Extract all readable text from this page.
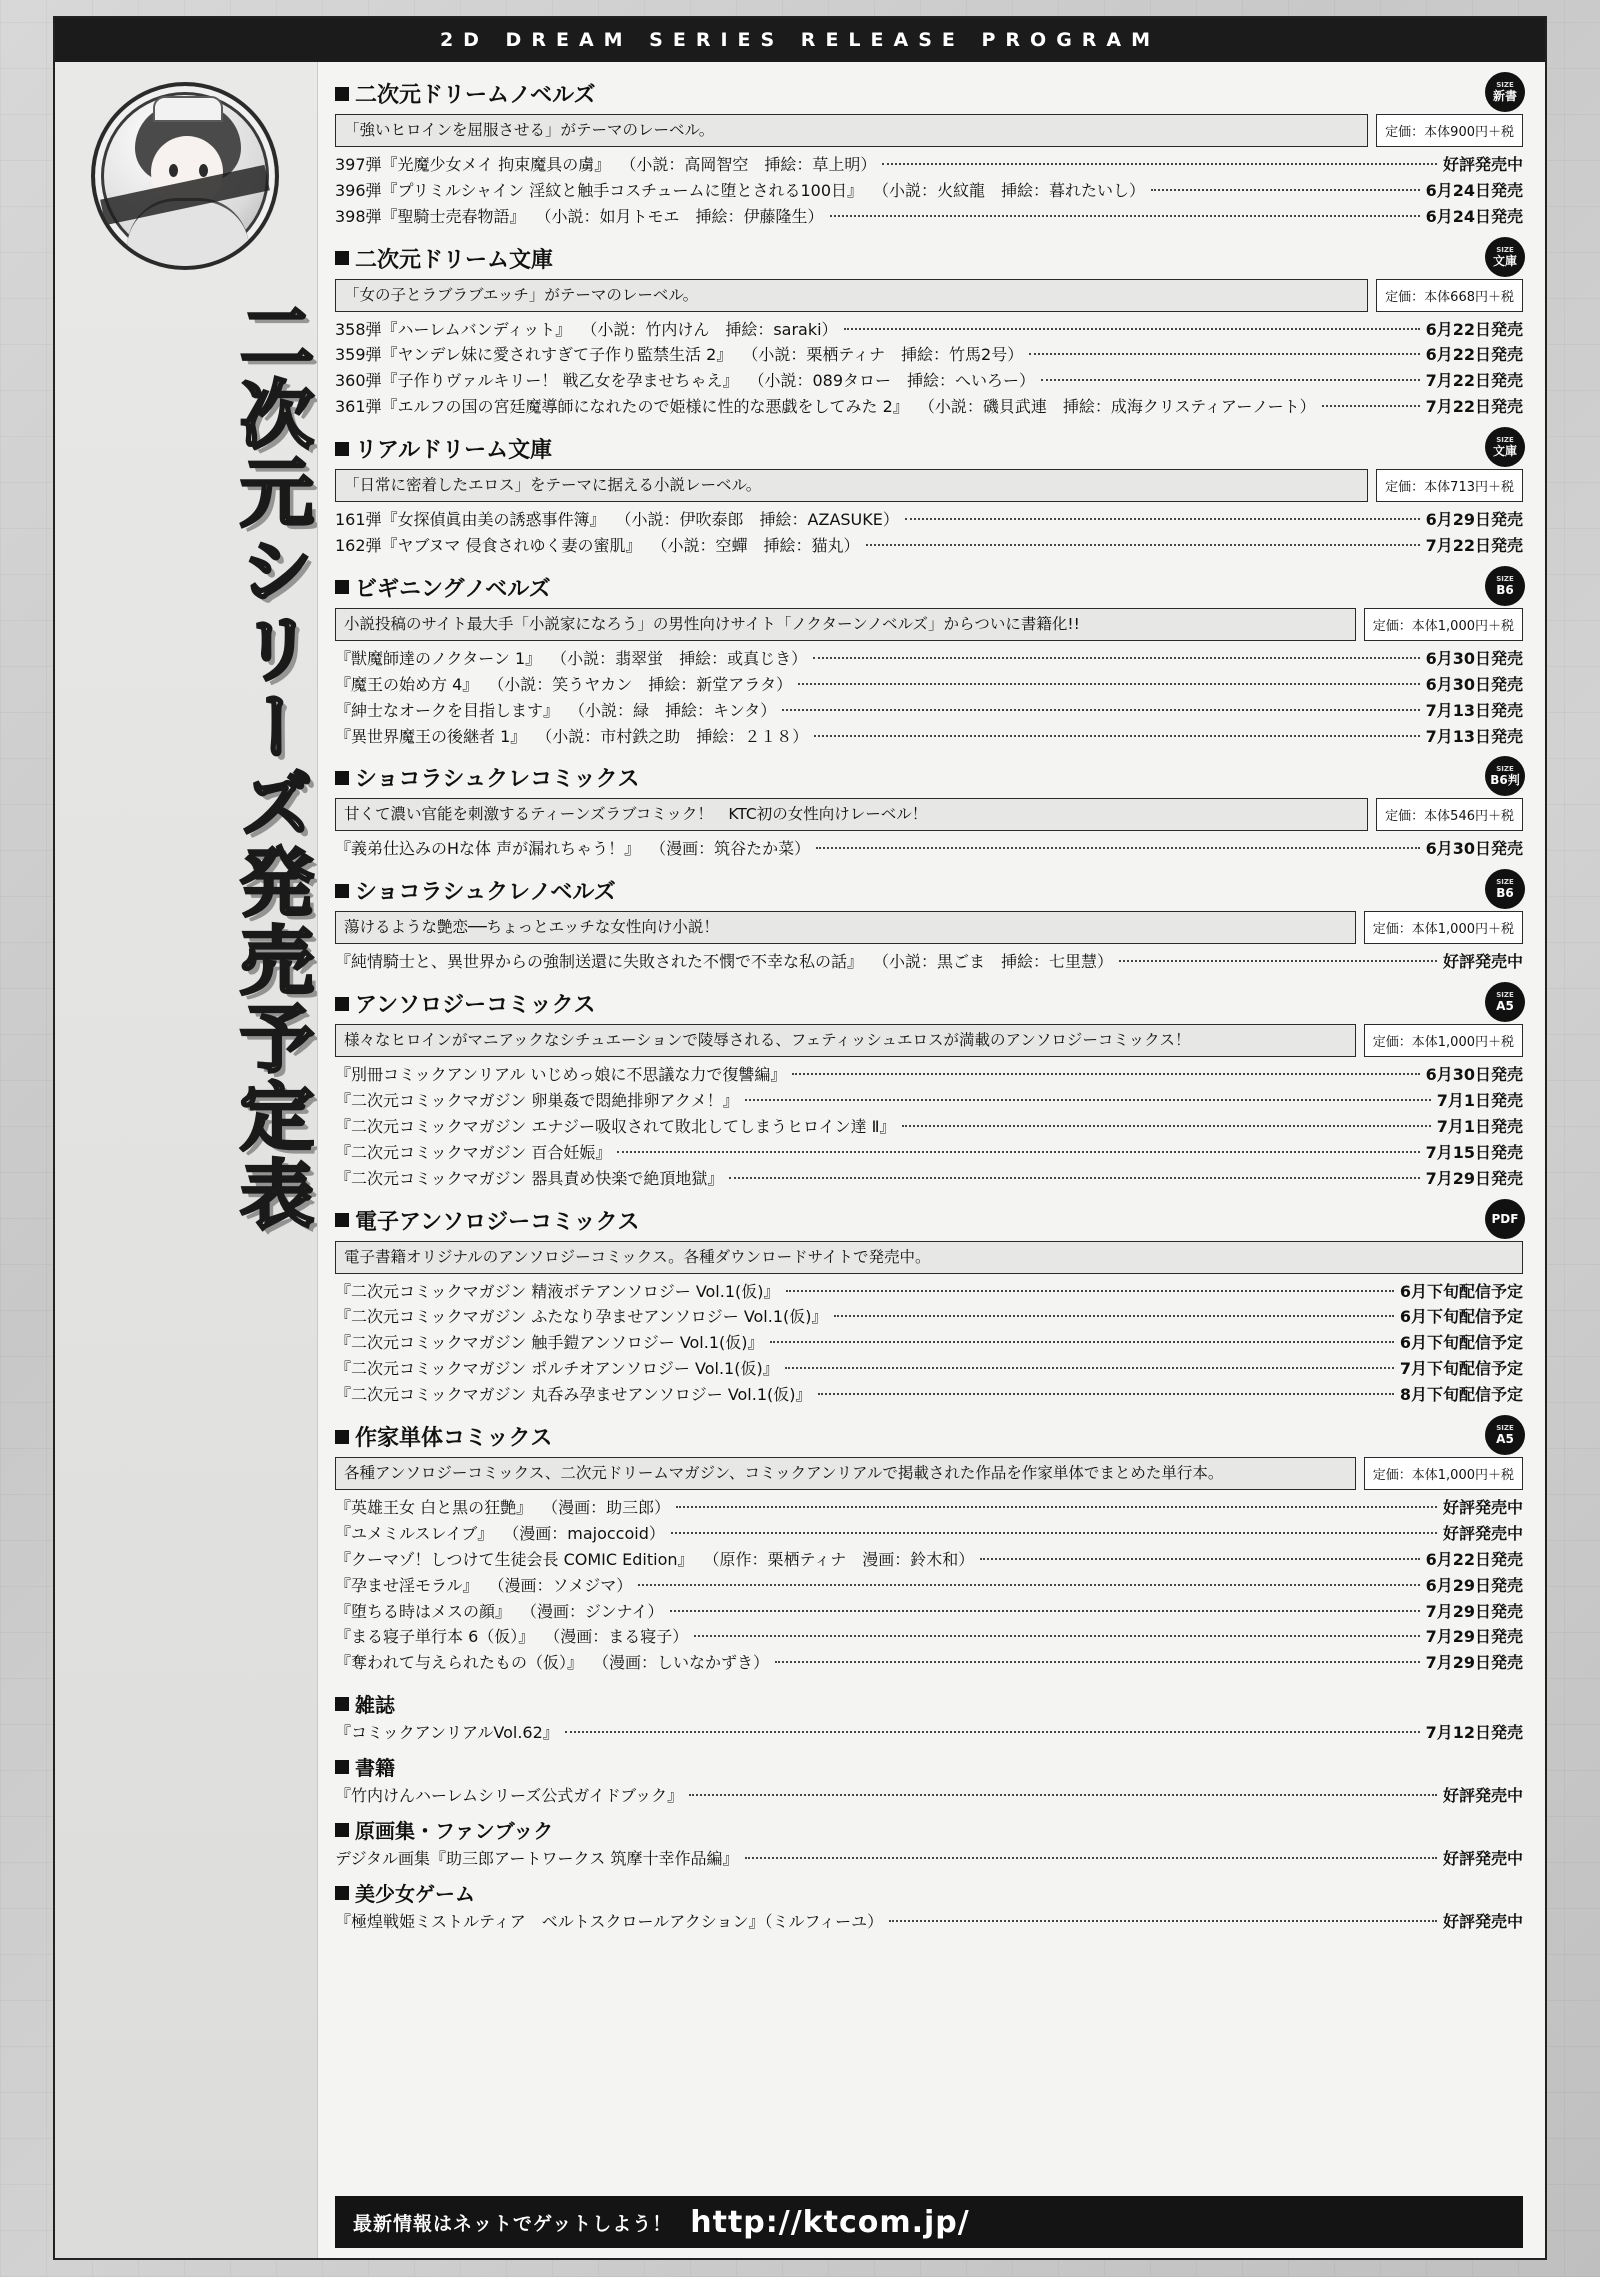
2D DREAM SERIES RELEASE PROGRAM
二次元シリーズ発売予定表
二次元ドリームノベルズ	SIZE
新書
「強いヒロインを屈服させる」がテーマのレーベル。	定価：本体900円＋税
397弾『光魔少女メイ 拘束魔具の虜』 （小説：高岡智空　挿絵：草上明）	好評発売中
396弾『プリミルシャイン 淫紋と触手コスチュームに堕とされる100日』 （小説：火紋龍　挿絵：暮れたいし）	6月24日発売
398弾『聖騎士売春物語』 （小説：如月トモエ　挿絵：伊藤隆生）	6月24日発売
二次元ドリーム文庫	SIZE
文庫
「女の子とラブラブエッチ」がテーマのレーベル。	定価：本体668円＋税
358弾『ハーレムバンディット』 （小説：竹内けん　挿絵：saraki）	6月22日発売
359弾『ヤンデレ妹に愛されすぎて子作り監禁生活 2』 （小説：栗栖ティナ　挿絵：竹馬2号）	6月22日発売
360弾『子作りヴァルキリー！ 戦乙女を孕ませちゃえ』 （小説：089タロー　挿絵：へいろー）	7月22日発売
361弾『エルフの国の宮廷魔導師になれたので姫様に性的な悪戯をしてみた 2』 （小説：磯貝武連　挿絵：成海クリスティアーノート）	7月22日発売
リアルドリーム文庫	SIZE
文庫
「日常に密着したエロス」をテーマに据える小説レーベル。	定価：本体713円＋税
161弾『女探偵眞由美の誘惑事件簿』 （小説：伊吹泰郎　挿絵：AZASUKE）	6月29日発売
162弾『ヤブヌマ 侵食されゆく妻の蜜肌』 （小説：空蟬　挿絵：猫丸）	7月22日発売
ビギニングノベルズ	SIZE
B6
小説投稿のサイト最大手「小説家になろう」の男性向けサイト「ノクターンノベルズ」からついに書籍化!!	定価：本体1,000円＋税
『獣魔師達のノクターン 1』 （小説：翡翠蛍　挿絵：或真じき）	6月30日発売
『魔王の始め方 4』 （小説：笑うヤカン　挿絵：新堂アラタ）	6月30日発売
『紳士なオークを目指します』 （小説：緑　挿絵：キンタ）	7月13日発売
『異世界魔王の後継者 1』 （小説：市村鉄之助　挿絵：２１８）	7月13日発売
ショコラシュクレコミックス	SIZE
B6判
甘くて濃い官能を刺激するティーンズラブコミック！　KTC初の女性向けレーベル！	定価：本体546円＋税
『義弟仕込みのHな体 声が漏れちゃう！』 （漫画：筑谷たか菜）	6月30日発売
ショコラシュクレノベルズ	SIZE
B6
蕩けるような艶恋──ちょっとエッチな女性向け小説！	定価：本体1,000円＋税
『純情騎士と、異世界からの強制送還に失敗された不憫で不幸な私の話』 （小説：黒ごま　挿絵：七里慧）	好評発売中
アンソロジーコミックス	SIZE
A5
様々なヒロインがマニアックなシチュエーションで陵辱される、フェティッシュエロスが満載のアンソロジーコミックス！	定価：本体1,000円＋税
『別冊コミックアンリアル いじめっ娘に不思議な力で復讐編』	6月30日発売
『二次元コミックマガジン 卵巣姦で悶絶排卵アクメ！』	7月1日発売
『二次元コミックマガジン エナジー吸収されて敗北してしまうヒロイン達 Ⅱ』	7月1日発売
『二次元コミックマガジン 百合妊娠』	7月15日発売
『二次元コミックマガジン 器具責め快楽で絶頂地獄』	7月29日発売
電子アンソロジーコミックス	PDF
電子書籍オリジナルのアンソロジーコミックス。各種ダウンロードサイトで発売中。
『二次元コミックマガジン 精液ボテアンソロジー Vol.1(仮)』	6月下旬配信予定
『二次元コミックマガジン ふたなり孕ませアンソロジー Vol.1(仮)』	6月下旬配信予定
『二次元コミックマガジン 触手鎧アンソロジー Vol.1(仮)』	6月下旬配信予定
『二次元コミックマガジン ポルチオアンソロジー Vol.1(仮)』	7月下旬配信予定
『二次元コミックマガジン 丸呑み孕ませアンソロジー Vol.1(仮)』	8月下旬配信予定
作家単体コミックス	SIZE
A5
各種アンソロジーコミックス、二次元ドリームマガジン、コミックアンリアルで掲載された作品を作家単体でまとめた単行本。	定価：本体1,000円＋税
『英雄王女 白と黒の狂艶』 （漫画：助三郎）	好評発売中
『ユメミルスレイブ』 （漫画：majoccoid）	好評発売中
『クーマゾ！しつけて生徒会長 COMIC Edition』 （原作：栗栖ティナ　漫画：鈴木和）	6月22日発売
『孕ませ淫モラル』 （漫画：ソメジマ）	6月29日発売
『堕ちる時はメスの顔』 （漫画：ジンナイ）	7月29日発売
『まる寝子単行本 6（仮）』 （漫画：まる寝子）	7月29日発売
『奪われて与えられたもの（仮）』 （漫画：しいなかずき）	7月29日発売
雑誌
『コミックアンリアルVol.62』	7月12日発売
書籍
『竹内けんハーレムシリーズ公式ガイドブック』	好評発売中
原画集・ファンブック
デジタル画集『助三郎アートワークス 筑摩十幸作品編』	好評発売中
美少女ゲーム
『極煌戦姫ミストルティア　ベルトスクロールアクション』（ミルフィーユ）	好評発売中
最新情報はネットでゲットしよう！ http://ktcom.jp/
